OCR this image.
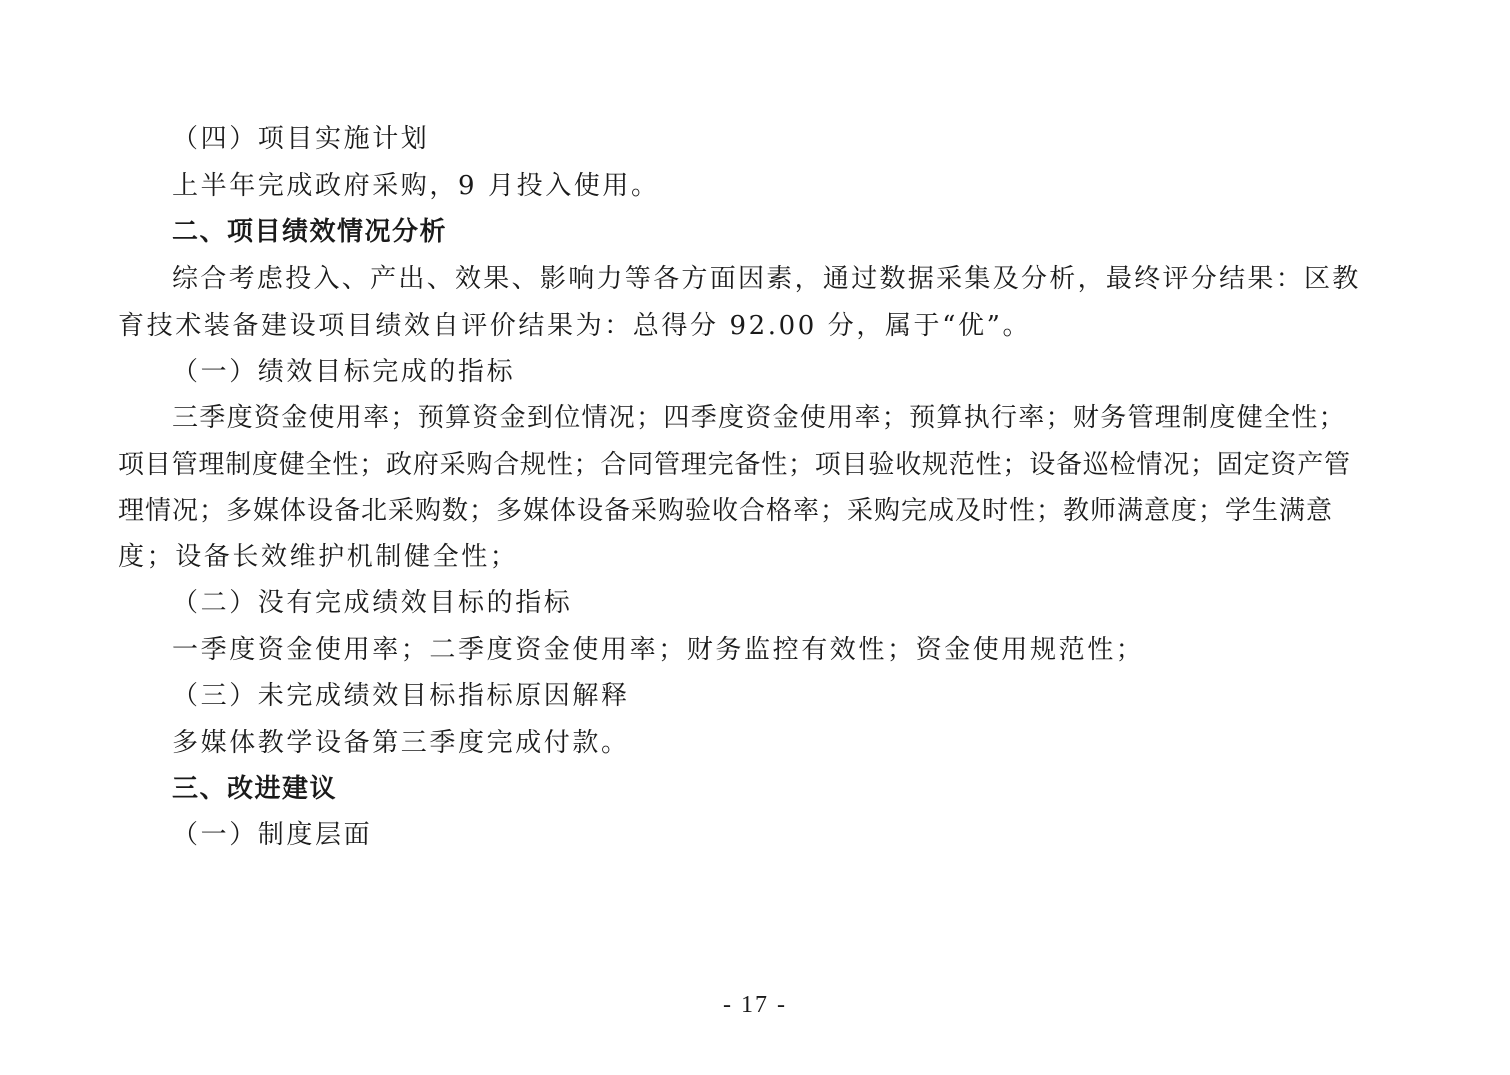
（四）项目实施计划
上半年完成政府采购，9 月投入使用。
二、项目绩效情况分析
综合考虑投入、产出、效果、影响力等各方面因素，通过数据采集及分析，最终评分结果：区教
育技术装备建设项目绩效自评价结果为：总得分 92.00 分，属于“优”。
（一）绩效目标完成的指标
三季度资金使用率；预算资金到位情况；四季度资金使用率；预算执行率；财务管理制度健全性；
项目管理制度健全性；政府采购合规性；合同管理完备性；项目验收规范性；设备巡检情况；固定资产管
理情况；多媒体设备北采购数；多媒体设备采购验收合格率；采购完成及时性；教师满意度；学生满意
度；设备长效维护机制健全性；
（二）没有完成绩效目标的指标
一季度资金使用率；二季度资金使用率；财务监控有效性；资金使用规范性；
（三）未完成绩效目标指标原因解释
多媒体教学设备第三季度完成付款。
三、改进建议
（一）制度层面
- 17 -
